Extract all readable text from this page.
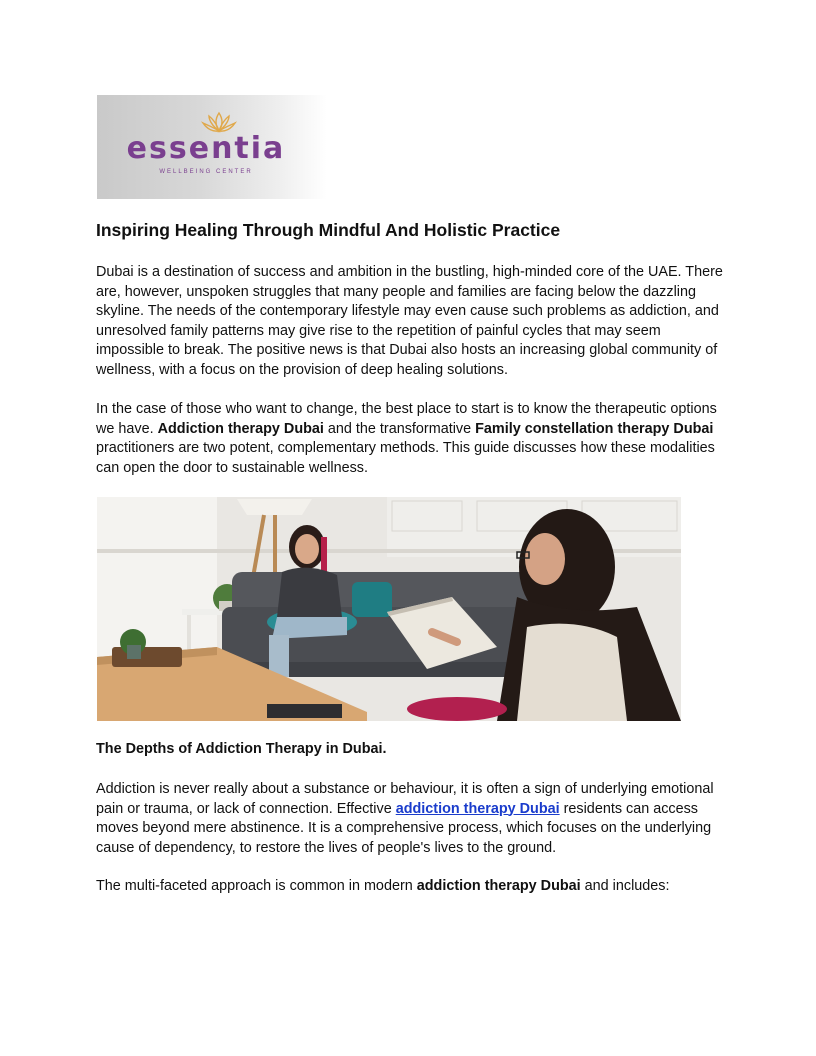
essentia
WELLBEING CENTER
Inspiring Healing Through Mindful And Holistic Practice

Dubai is a destination of success and ambition in the bustling, high-minded core of the UAE. There are, however, unspoken struggles that many people and families are facing below the dazzling skyline. The needs of the contemporary lifestyle may even cause such problems as addiction, and unresolved family patterns may give rise to the repetition of painful cycles that may seem impossible to break. The positive news is that Dubai also hosts an increasing global community of wellness, with a focus on the provision of deep healing solutions.

In the case of those who want to change, the best place to start is to know the therapeutic options we have. Addiction therapy Dubai and the transformative Family constellation therapy Dubai practitioners are two potent, complementary methods. This guide discusses how these modalities can open the door to sustainable wellness.

The Depths of Addiction Therapy in Dubai.

Addiction is never really about a substance or behaviour, it is often a sign of underlying emotional pain or trauma, or lack of connection. Effective addiction therapy Dubai residents can access moves beyond mere abstinence. It is a comprehensive process, which focuses on the underlying cause of dependency, to restore the lives of people's lives to the ground.

The multi-faceted approach is common in modern addiction therapy Dubai and includes:
